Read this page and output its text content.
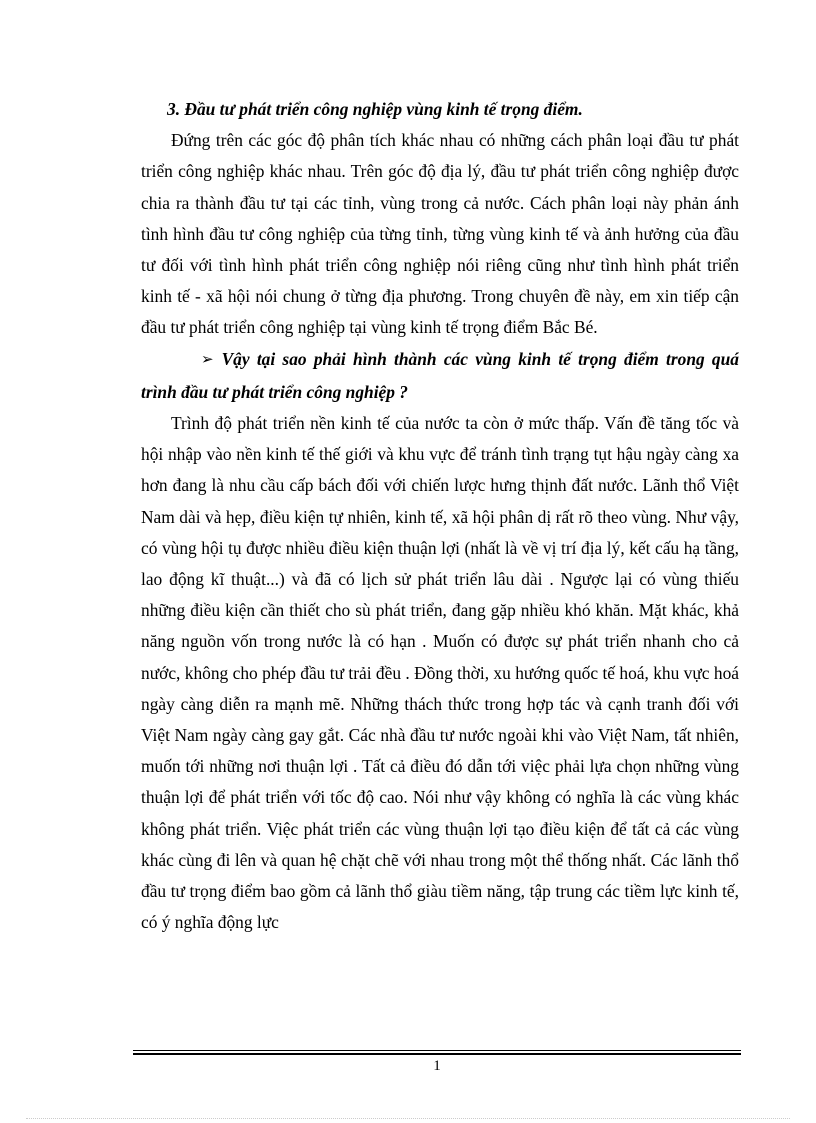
3. Đầu tư phát triển công nghiệp vùng kinh tế trọng điểm.

Đứng trên các góc độ phân tích khác nhau có những cách phân loại đầu tư phát triển công nghiệp khác nhau. Trên góc độ địa lý, đầu tư phát triển công nghiệp được chia ra thành đầu tư tại các tỉnh, vùng trong cả nước. Cách phân loại này phản ánh tình hình đầu tư công nghiệp của từng tỉnh, từng vùng kinh tế và ảnh hưởng của đầu tư đối với tình hình phát triển công nghiệp nói riêng cũng như tình hình phát triển kinh tế - xã hội nói chung ở từng địa phương. Trong chuyên đề này, em xin tiếp cận đầu tư phát triển công nghiệp tại vùng kinh tế trọng điểm Bắc Bé.

➢ Vậy tại sao phải hình thành các vùng kinh tế trọng điểm trong quá trình đầu tư phát triển công nghiệp ?

Trình độ phát triển nền kinh tế của nước ta còn ở mức thấp. Vấn đề tăng tốc và hội nhập vào nền kinh tế thế giới và khu vực để tránh tình trạng tụt hậu ngày càng xa hơn đang là nhu cầu cấp bách đối với chiến lược hưng thịnh đất nước. Lãnh thổ Việt Nam dài và hẹp, điều kiện tự nhiên, kinh tế, xã hội phân dị rất rõ theo vùng. Như vậy, có vùng hội tụ được nhiều điều kiện thuận lợi (nhất là về vị trí địa lý, kết cấu hạ tầng, lao động kĩ thuật...) và đã có lịch sử phát triển lâu dài . Ngược lại có vùng thiếu những điều kiện cần thiết cho sù phát triển, đang gặp nhiều khó khăn. Mặt khác, khả năng nguồn vốn trong nước là có hạn . Muốn có được sự phát triển nhanh cho cả nước, không cho phép đầu tư trải đều . Đồng thời, xu hướng quốc tế hoá, khu vực hoá ngày càng diễn ra mạnh mẽ. Những thách thức trong hợp tác và cạnh tranh đối với Việt Nam ngày càng gay gắt. Các nhà đầu tư nước ngoài khi vào Việt Nam, tất nhiên, muốn tới những nơi thuận lợi . Tất cả điều đó dẫn tới việc phải lựa chọn những vùng thuận lợi để phát triển với tốc độ cao. Nói như vậy không có nghĩa là các vùng khác không phát triển. Việc phát triển các vùng thuận lợi tạo điều kiện để tất cả các vùng khác cùng đi lên và quan hệ chặt chẽ với nhau trong một thể thống nhất. Các lãnh thổ đầu tư trọng điểm bao gồm cả lãnh thổ giàu tiềm năng, tập trung các tiềm lực kinh tế, có ý nghĩa động lực

1
